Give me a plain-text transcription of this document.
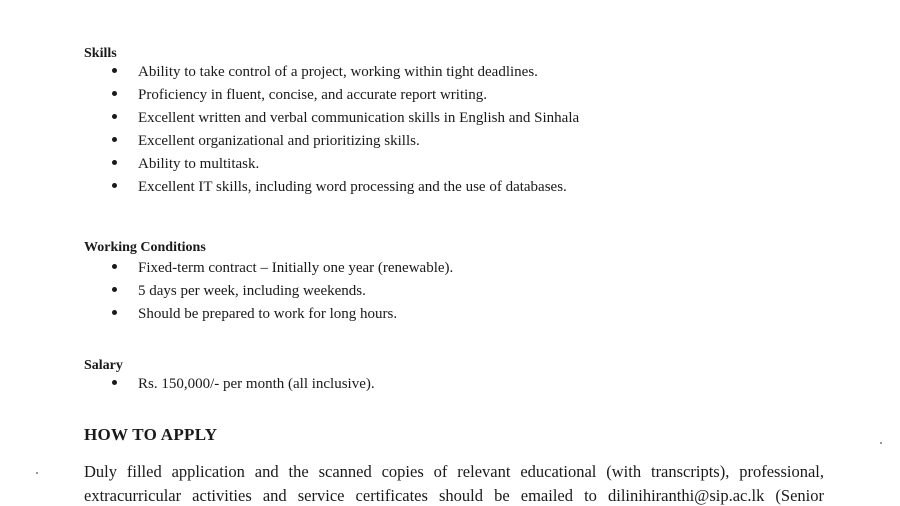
Skills
Ability to take control of a project, working within tight deadlines.
Proficiency in fluent, concise, and accurate report writing.
Excellent written and verbal communication skills in English and Sinhala
Excellent organizational and prioritizing skills.
Ability to multitask.
Excellent IT skills, including word processing and the use of databases.
Working Conditions
Fixed-term contract – Initially one year (renewable).
5 days per week, including weekends.
Should be prepared to work for long hours.
Salary
Rs. 150,000/- per month (all inclusive).
HOW TO APPLY

Duly filled application and the scanned copies of relevant educational (with transcripts), professional,

extracurricular activities and service certificates should be emailed to dilinihiranthi@sip.ac.lk (Senior
